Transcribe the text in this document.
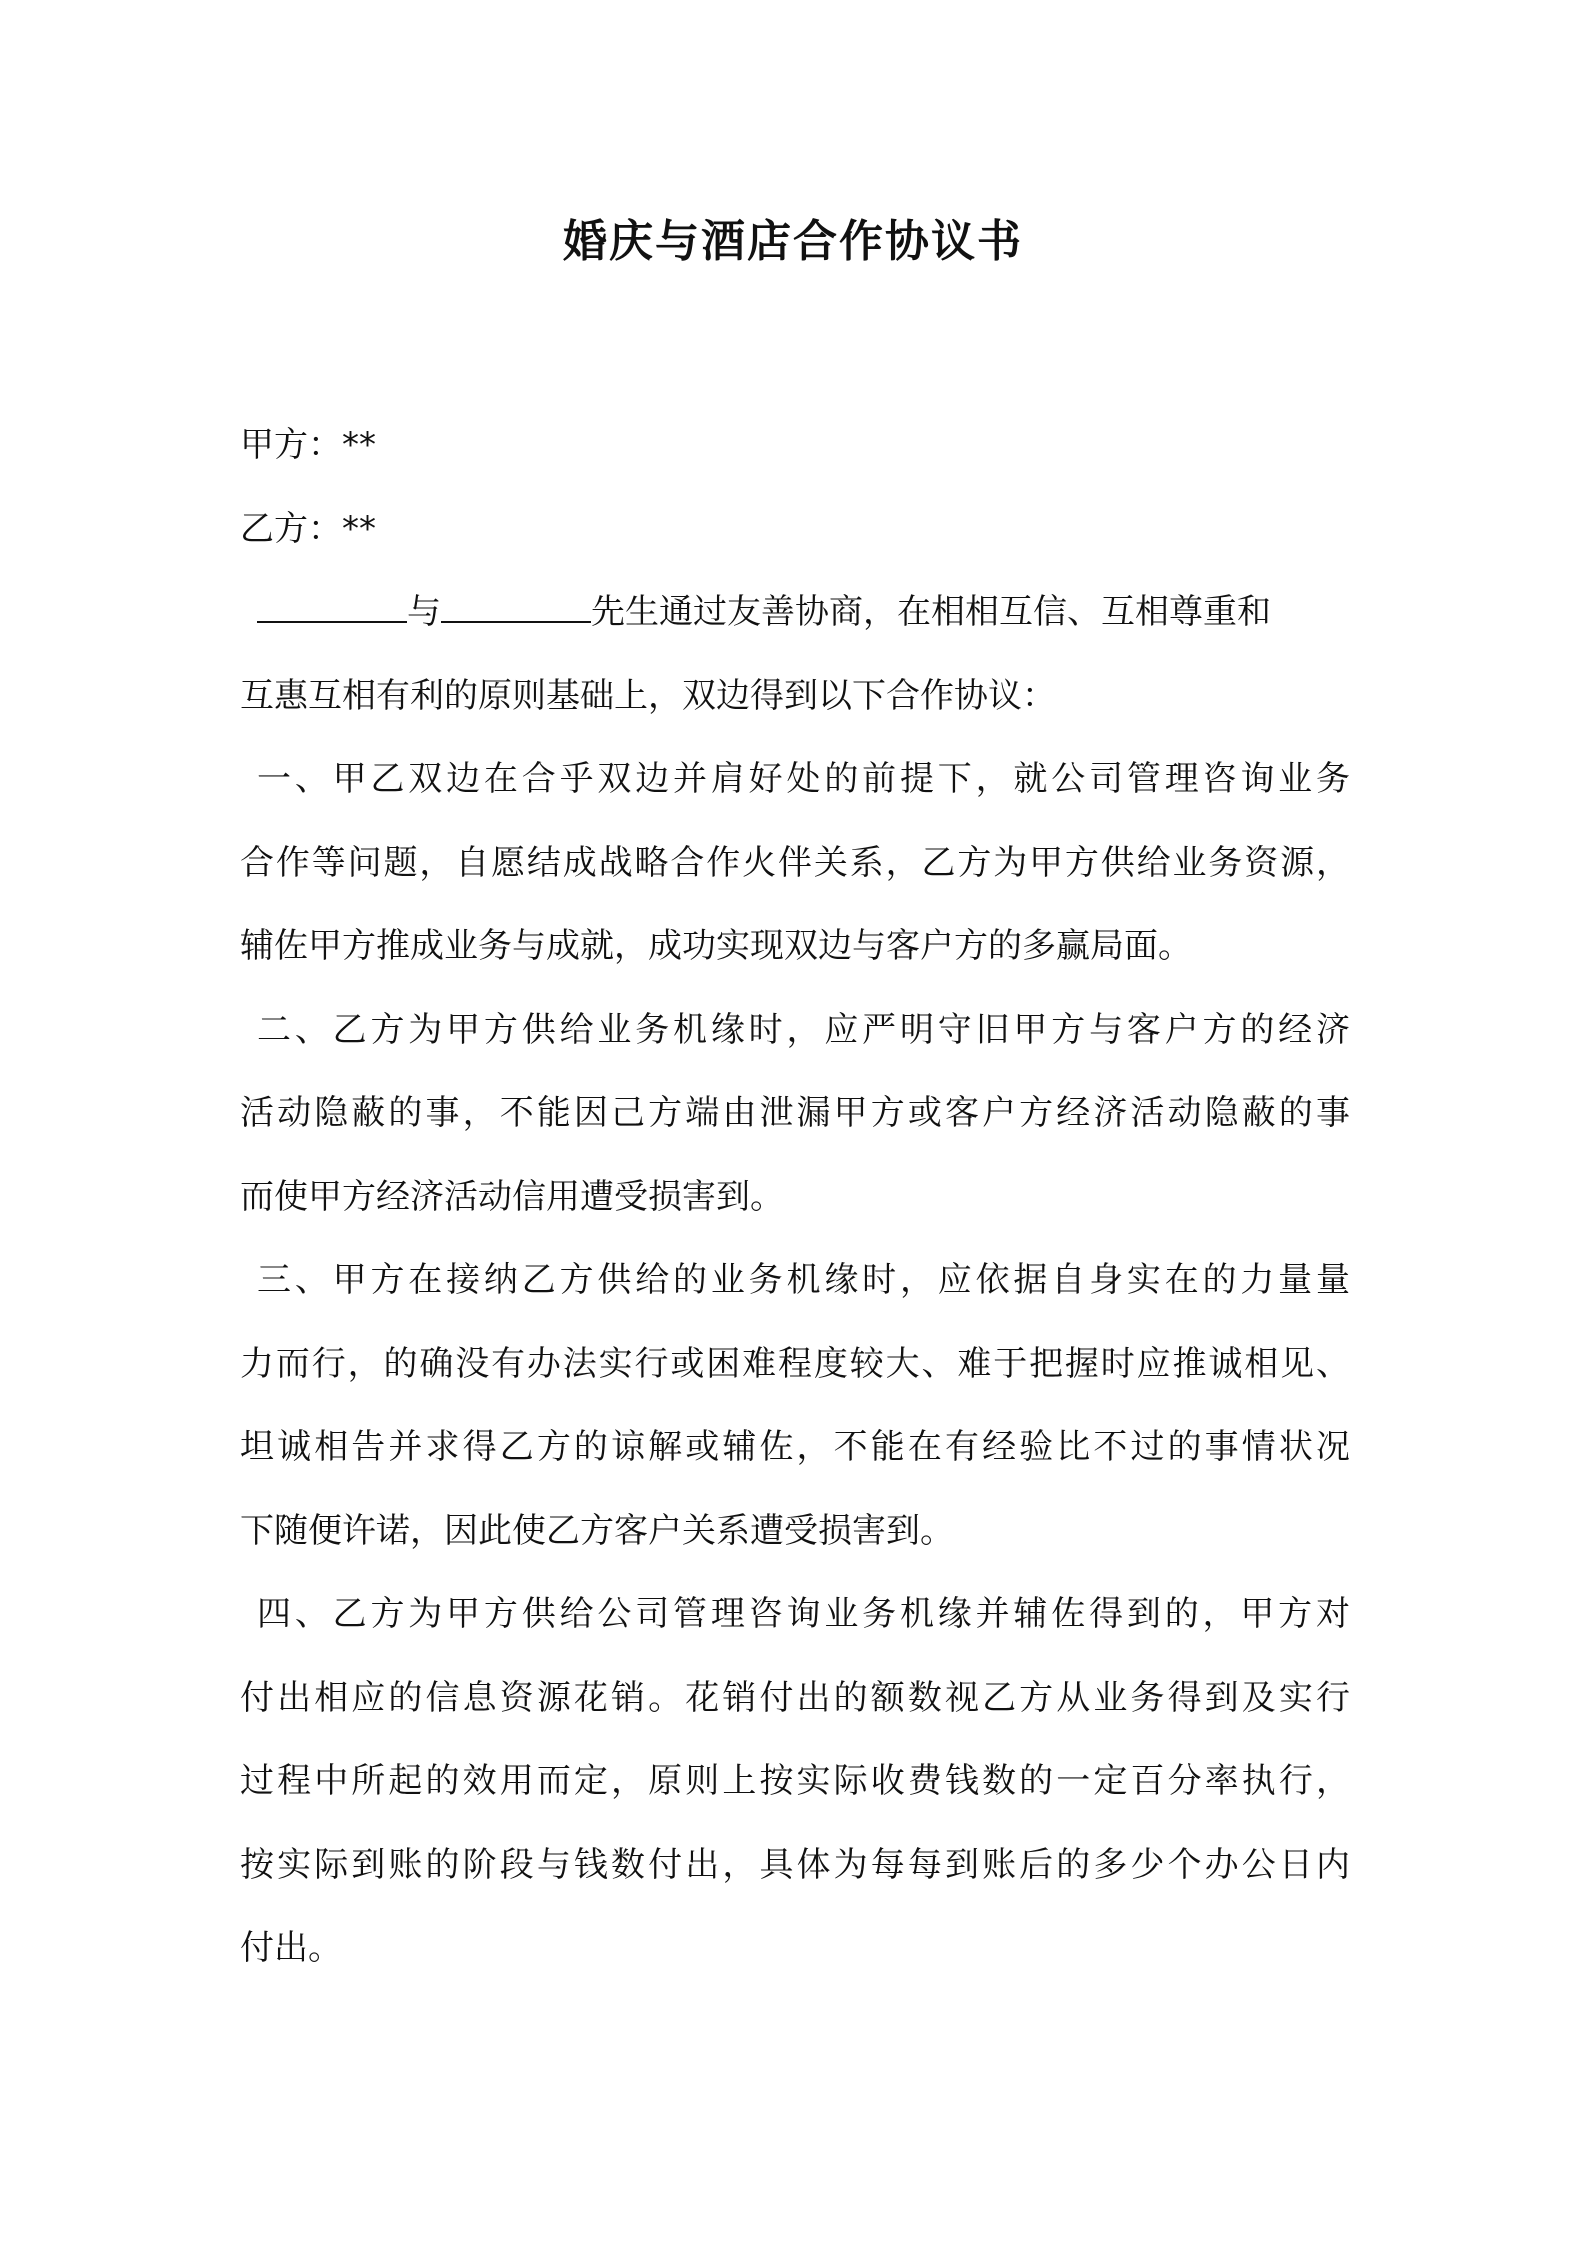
婚庆与酒店合作协议书
甲方：**
乙方：**
与	先生通过友善协商，在相相互信、互相尊重和
互惠互相有利的原则基础上，双边得到以下合作协议：
一、甲乙双边在合乎双边并肩好处的前提下，就公司管理咨询业务
合作等问题，自愿结成战略合作火伴关系，乙方为甲方供给业务资源，
辅佐甲方推成业务与成就，成功实现双边与客户方的多赢局面。
二、乙方为甲方供给业务机缘时，应严明守旧甲方与客户方的经济
活动隐蔽的事，不能因己方端由泄漏甲方或客户方经济活动隐蔽的事
而使甲方经济活动信用遭受损害到。
三、甲方在接纳乙方供给的业务机缘时，应依据自身实在的力量量
力而行，的确没有办法实行或困难程度较大、难于把握时应推诚相见、
坦诚相告并求得乙方的谅解或辅佐，不能在有经验比不过的事情状况
下随便许诺，因此使乙方客户关系遭受损害到。
四、乙方为甲方供给公司管理咨询业务机缘并辅佐得到的，甲方对
付出相应的信息资源花销。花销付出的额数视乙方从业务得到及实行
过程中所起的效用而定，原则上按实际收费钱数的一定百分率执行，
按实际到账的阶段与钱数付出，具体为每每到账后的多少个办公日内
付出。
